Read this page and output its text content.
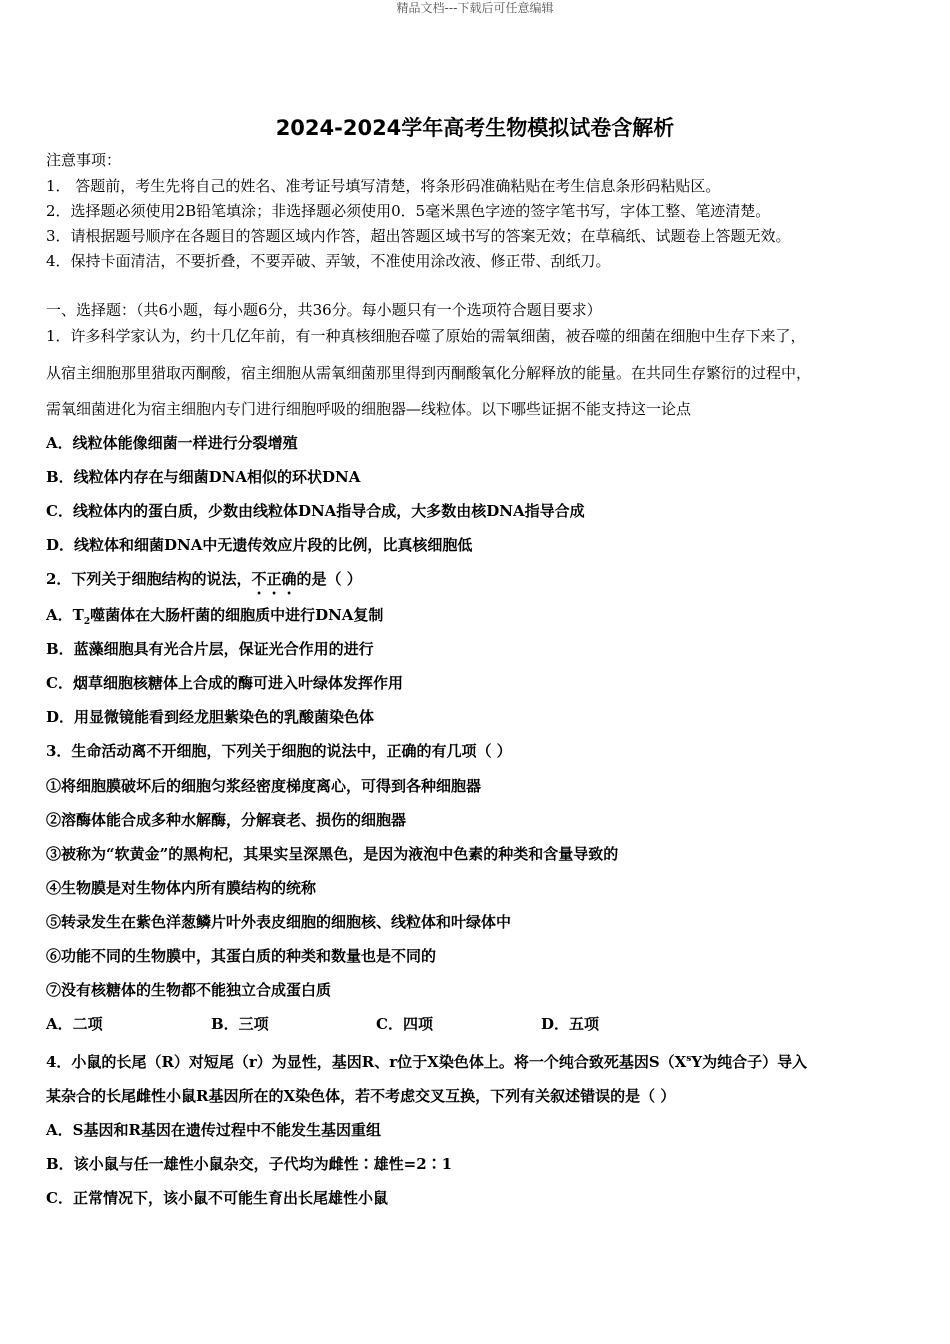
精品文档---下载后可任意编辑
2024-2024学年高考生物模拟试卷含解析
注意事项：
1． 答题前，考生先将自己的姓名、准考证号填写清楚，将条形码准确粘贴在考生信息条形码粘贴区。
2．选择题必须使用2B铅笔填涂；非选择题必须使用0．5毫米黑色字迹的签字笔书写，字体工整、笔迹清楚。
3．请根据题号顺序在各题目的答题区域内作答，超出答题区域书写的答案无效；在草稿纸、试题卷上答题无效。
4．保持卡面清洁，不要折叠，不要弄破、弄皱，不准使用涂改液、修正带、刮纸刀。
一、选择题：（共6小题，每小题6分，共36分。每小题只有一个选项符合题目要求）
1．许多科学家认为，约十几亿年前，有一种真核细胞吞噬了原始的需氧细菌，被吞噬的细菌在细胞中生存下来了，
从宿主细胞那里猎取丙酮酸，宿主细胞从需氧细菌那里得到丙酮酸氧化分解释放的能量。在共同生存繁衍的过程中，
需氧细菌进化为宿主细胞内专门进行细胞呼吸的细胞器—线粒体。以下哪些证据不能支持这一论点
A．线粒体能像细菌一样进行分裂增殖
B．线粒体内存在与细菌DNA相似的环状DNA
C．线粒体内的蛋白质，少数由线粒体DNA指导合成，大多数由核DNA指导合成
D．线粒体和细菌DNA中无遗传效应片段的比例，比真核细胞低
2．下列关于细胞结构的说法，不正确的是（ ）
A．$T_2$噬菌体在大肠杆菌的细胞质中进行DNA复制
B．蓝藻细胞具有光合片层，保证光合作用的进行
C．烟草细胞核糖体上合成的酶可进入叶绿体发挥作用
D．用显微镜能看到经龙胆紫染色的乳酸菌染色体
3．生命活动离不开细胞，下列关于细胞的说法中，正确的有几项（ ）
①将细胞膜破坏后的细胞匀浆经密度梯度离心，可得到各种细胞器
②溶酶体能合成多种水解酶，分解衰老、损伤的细胞器
③被称为“软黄金”的黑枸杞，其果实呈深黑色，是因为液泡中色素的种类和含量导致的
④生物膜是对生物体内所有膜结构的统称
⑤转录发生在紫色洋葱鳞片叶外表皮细胞的细胞核、线粒体和叶绿体中
⑥功能不同的生物膜中，其蛋白质的种类和数量也是不同的
⑦没有核糖体的生物都不能独立合成蛋白质
A．二项	B．三项	C．四项	D．五项
4．小鼠的长尾（R）对短尾（r）为显性，基因R、r位于X染色体上。将一个纯合致死基因$S(X^sY$为纯合子）导入
某杂合的长尾雌性小鼠R基因所在的X染色体，若不考虑交叉互换，下列有关叙述错误的是（ ）
A．S基因和R基因在遗传过程中不能发生基因重组
B．该小鼠与任一雄性小鼠杂交，子代均为雌性∶雄性=2∶1
C．正常情况下，该小鼠不可能生育出长尾雄性小鼠
